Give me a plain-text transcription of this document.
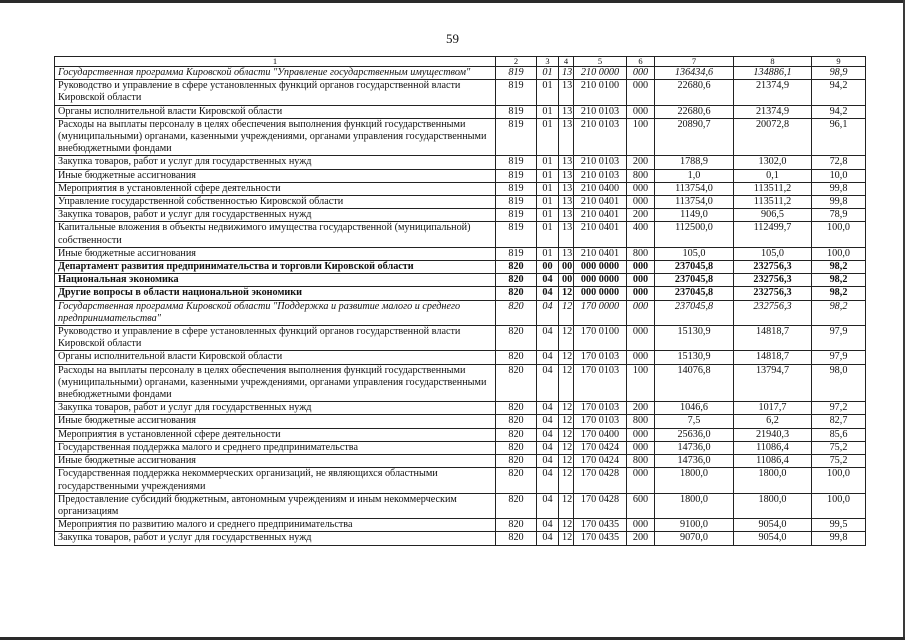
59
1	2	3	4	5	6	7	8	9
Государственная программа Кировской области "Управление государственным имуществом"	819	01	13	210 0000	000	136434,6	134886,1	98,9
Руководство и управление в сфере установленных функций органов государственной власти Кировской области	819	01	13	210 0100	000	22680,6	21374,9	94,2
Органы исполнительной власти Кировской области	819	01	13	210 0103	000	22680,6	21374,9	94,2
Расходы на выплаты персоналу в целях обеспечения выполнения функций государственными (муниципальными) органами, казенными учреждениями, органами управления государственными внебюджетными фондами	819	01	13	210 0103	100	20890,7	20072,8	96,1
Закупка товаров, работ и услуг для государственных нужд	819	01	13	210 0103	200	1788,9	1302,0	72,8
Иные бюджетные ассигнования	819	01	13	210 0103	800	1,0	0,1	10,0
Мероприятия в установленной сфере деятельности	819	01	13	210 0400	000	113754,0	113511,2	99,8
Управление государственной собственностью Кировской области	819	01	13	210 0401	000	113754,0	113511,2	99,8
Закупка товаров, работ и услуг для государственных нужд	819	01	13	210 0401	200	1149,0	906,5	78,9
Капитальные вложения в объекты недвижимого имущества государственной (муниципальной) собственности	819	01	13	210 0401	400	112500,0	112499,7	100,0
Иные бюджетные ассигнования	819	01	13	210 0401	800	105,0	105,0	100,0
Департамент развития предпринимательства и торговли Кировской области	820	00	00	000 0000	000	237045,8	232756,3	98,2
Национальная экономика	820	04	00	000 0000	000	237045,8	232756,3	98,2
Другие вопросы в области национальной экономики	820	04	12	000 0000	000	237045,8	232756,3	98,2
Государственная программа Кировской области "Поддержка и развитие малого и среднего предпринимательства"	820	04	12	170 0000	000	237045,8	232756,3	98,2
Руководство и управление в сфере установленных функций органов государственной власти Кировской области	820	04	12	170 0100	000	15130,9	14818,7	97,9
Органы исполнительной власти Кировской области	820	04	12	170 0103	000	15130,9	14818,7	97,9
Расходы на выплаты персоналу в целях обеспечения выполнения функций государственными (муниципальными) органами, казенными учреждениями, органами управления государственными внебюджетными фондами	820	04	12	170 0103	100	14076,8	13794,7	98,0
Закупка товаров, работ и услуг для государственных нужд	820	04	12	170 0103	200	1046,6	1017,7	97,2
Иные бюджетные ассигнования	820	04	12	170 0103	800	7,5	6,2	82,7
Мероприятия в установленной сфере деятельности	820	04	12	170 0400	000	25636,0	21940,3	85,6
Государственная поддержка малого и среднего предпринимательства	820	04	12	170 0424	000	14736,0	11086,4	75,2
Иные бюджетные ассигнования	820	04	12	170 0424	800	14736,0	11086,4	75,2
Государственная поддержка некоммерческих организаций, не являющихся областными государственными учреждениями	820	04	12	170 0428	000	1800,0	1800,0	100,0
Предоставление субсидий бюджетным, автономным учреждениям и иным некоммерческим организациям	820	04	12	170 0428	600	1800,0	1800,0	100,0
Мероприятия по развитию малого и среднего предпринимательства	820	04	12	170 0435	000	9100,0	9054,0	99,5
Закупка товаров, работ и услуг для государственных нужд	820	04	12	170 0435	200	9070,0	9054,0	99,8
